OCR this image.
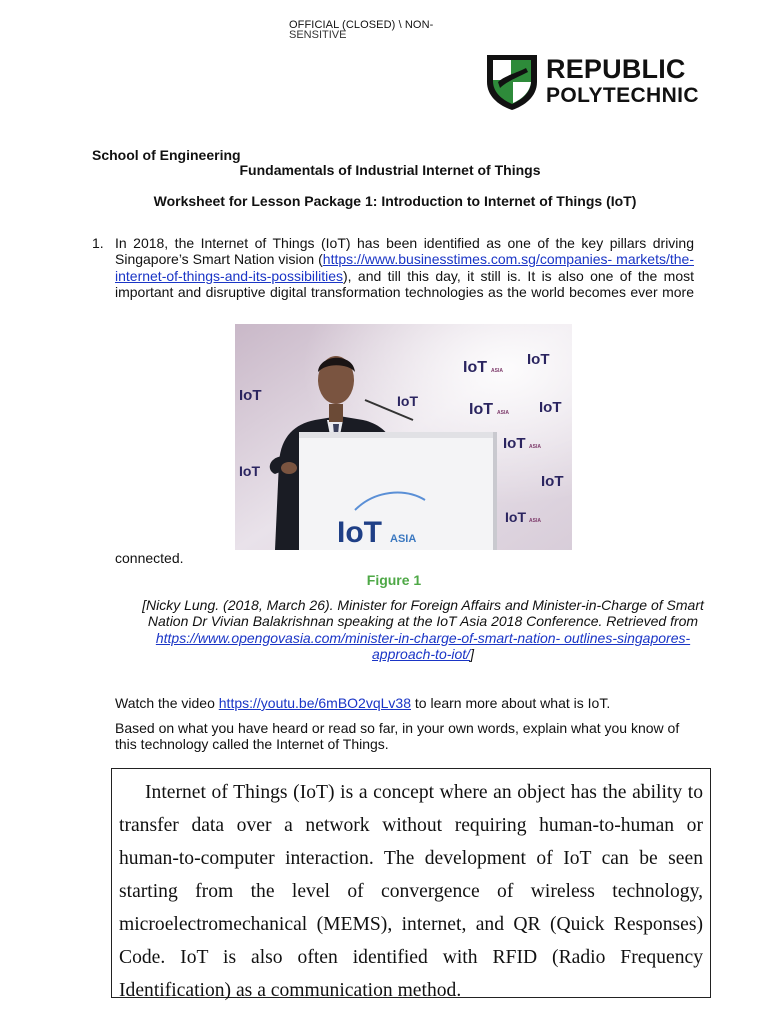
OFFICIAL (CLOSED) \ NON-
SENSITIVE
REPUBLIC
POLYTECHNIC
School of Engineering
Fundamentals of Industrial Internet of Things
Worksheet for Lesson Package 1: Introduction to Internet of Things (IoT)
1. In 2018, the Internet of Things (IoT) has been identified as one of the key pillars driving Singapore’s Smart Nation vision (https://www.businesstimes.com.sg/companies- markets/the-internet-of-things-and-its-possibilities), and till this day, it still is. It is also one of the most important and disruptive digital transformation technologies as the world becomes ever more
IoT
IoT ASIA
IoT
IoT	IoT ASIA IoT
IoT ASIA
IoT
IoT ASIA
IoT
IoT ASIA
connected.
Figure 1
[Nicky Lung. (2018, March 26). Minister for Foreign Affairs and Minister-in-Charge of Smart Nation Dr Vivian Balakrishnan speaking at the IoT Asia 2018 Conference. Retrieved from https://www.opengovasia.com/minister-in-charge-of-smart-nation- outlines-singapores-approach-to-iot/]
Watch the video https://youtu.be/6mBO2vqLv38 to learn more about what is IoT.
Based on what you have heard or read so far, in your own words, explain what you know of this technology called the Internet of Things.
Internet of Things (IoT) is a concept where an object has the ability to transfer data over a network without requiring human-to-human or human-to-computer interaction. The development of IoT can be seen starting from the level of convergence of wireless technology, microelectromechanical (MEMS), internet, and QR (Quick Responses) Code. IoT is also often identified with RFID (Radio Frequency Identification) as a communication method.
